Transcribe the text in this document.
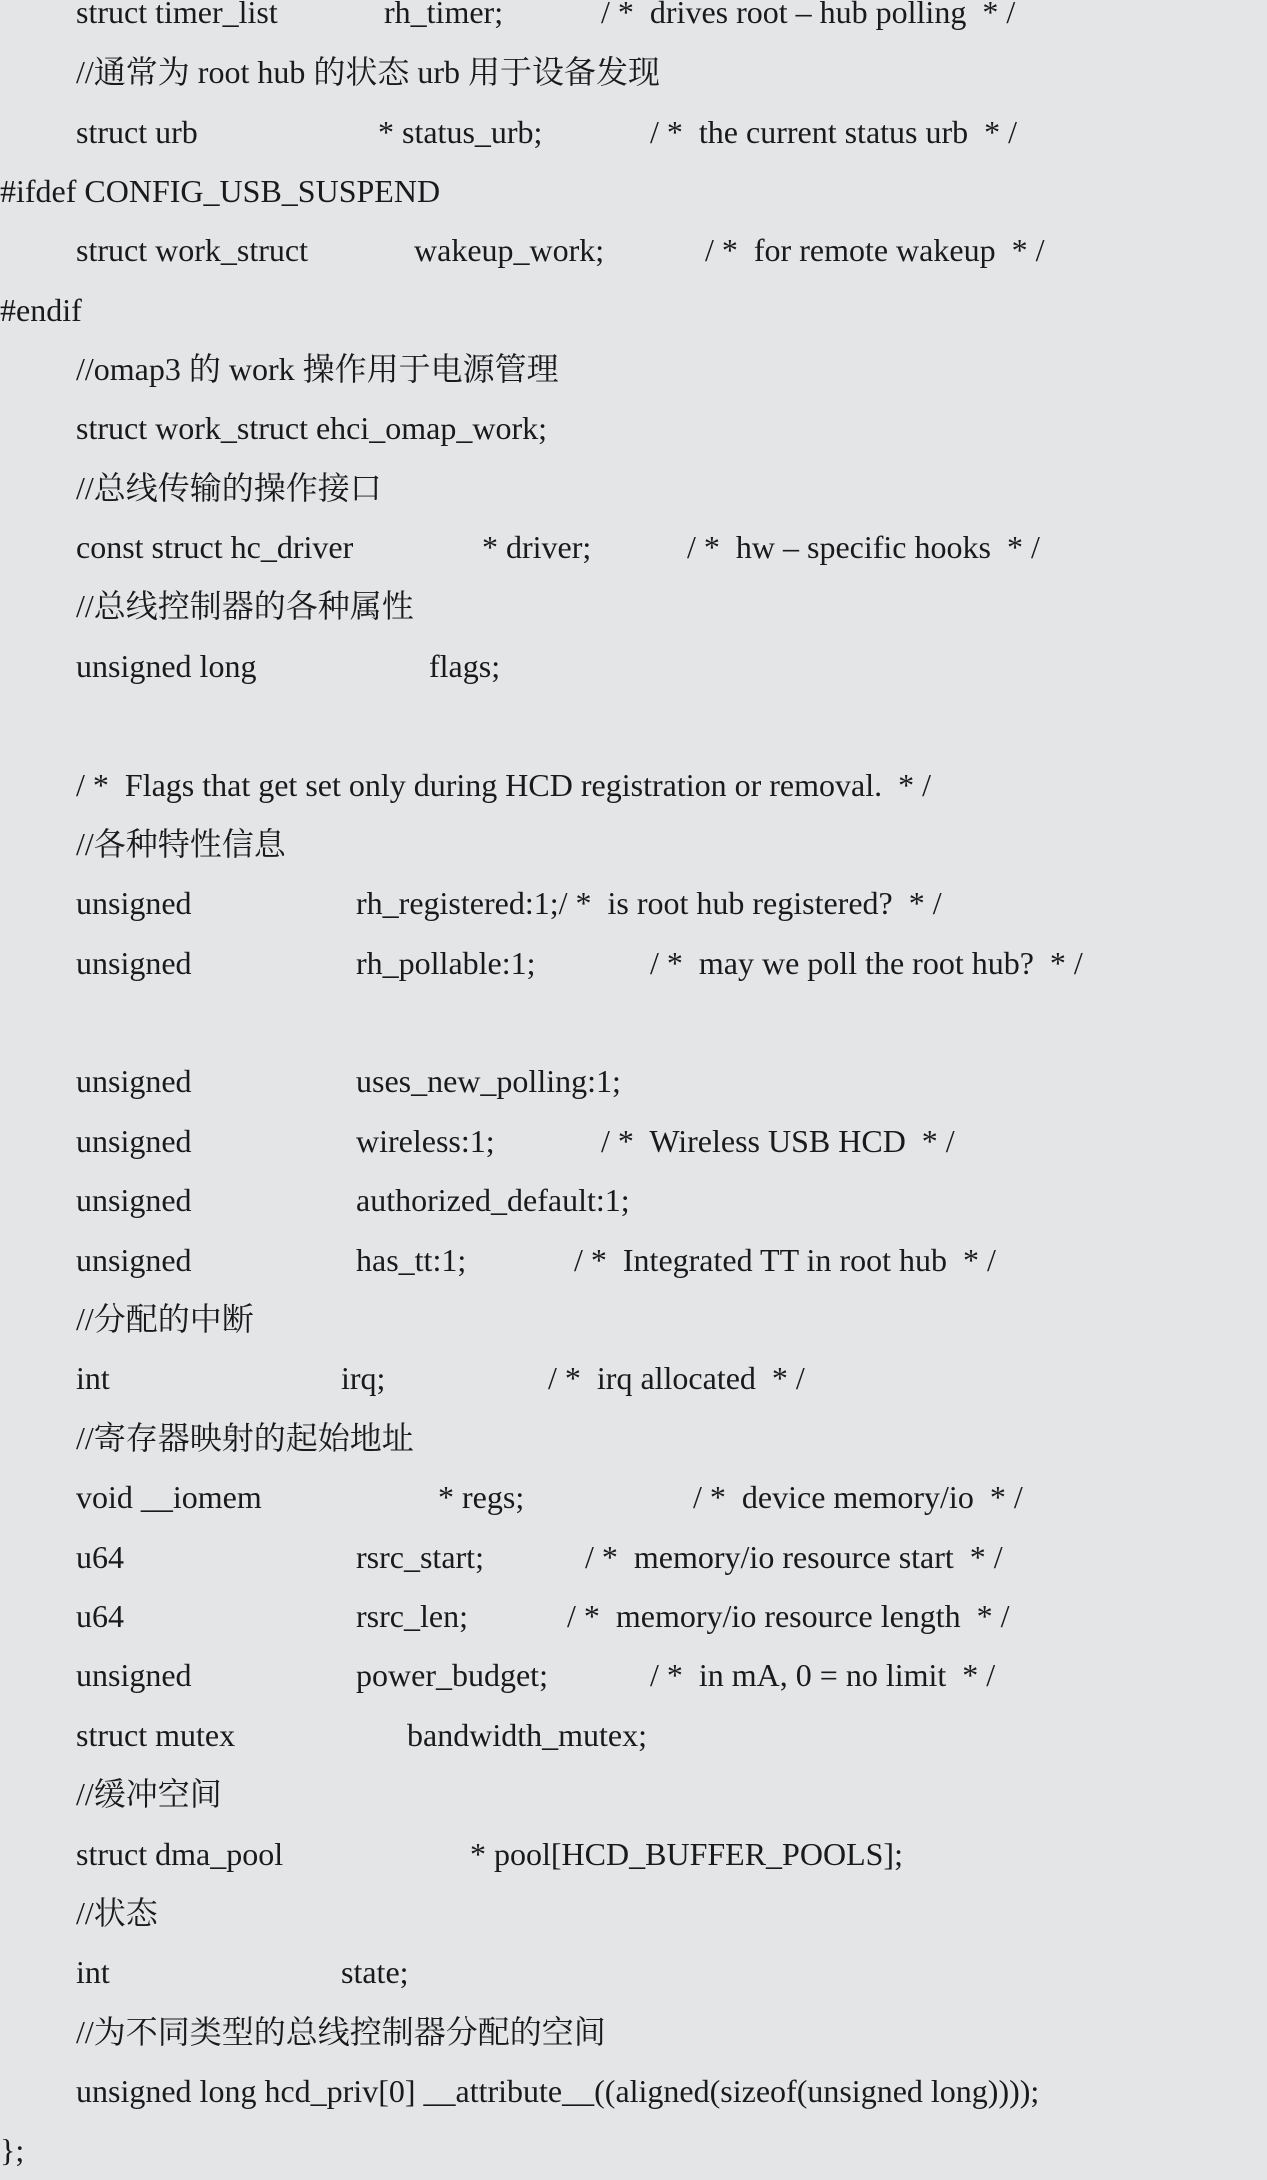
struct timer_list	rh_timer;	/ *  drives root – hub polling  * /
//通常为 root hub 的状态 urb 用于设备发现
struct urb	* status_urb;	/ *  the current status urb  * /
#ifdef CONFIG_USB_SUSPEND
struct work_struct	wakeup_work;	/ *  for remote wakeup  * /
#endif
//omap3 的 work 操作用于电源管理
struct work_struct ehci_omap_work;
//总线传输的操作接口
const struct hc_driver	* driver;	/ *  hw – specific hooks  * /
//总线控制器的各种属性
unsigned long	flags;
/ *  Flags that get set only during HCD registration or removal.  * /
//各种特性信息
unsigned	rh_registered:1;/ *  is root hub registered?  * /
unsigned	rh_pollable:1;	/ *  may we poll the root hub?  * /
unsigned	uses_new_polling:1;
unsigned	wireless:1;	/ *  Wireless USB HCD  * /
unsigned	authorized_default:1;
unsigned	has_tt:1;	/ *  Integrated TT in root hub  * /
//分配的中断
int	irq;	/ *  irq allocated  * /
//寄存器映射的起始地址
void __iomem	* regs;	/ *  device memory/io  * /
u64	rsrc_start;	/ *  memory/io resource start  * /
u64	rsrc_len;	/ *  memory/io resource length  * /
unsigned	power_budget;	/ *  in mA, 0 = no limit  * /
struct mutex	bandwidth_mutex;
//缓冲空间
struct dma_pool	* pool[HCD_BUFFER_POOLS];
//状态
int	state;
//为不同类型的总线控制器分配的空间
unsigned long hcd_priv[0] __attribute__((aligned(sizeof(unsigned long))));
};
